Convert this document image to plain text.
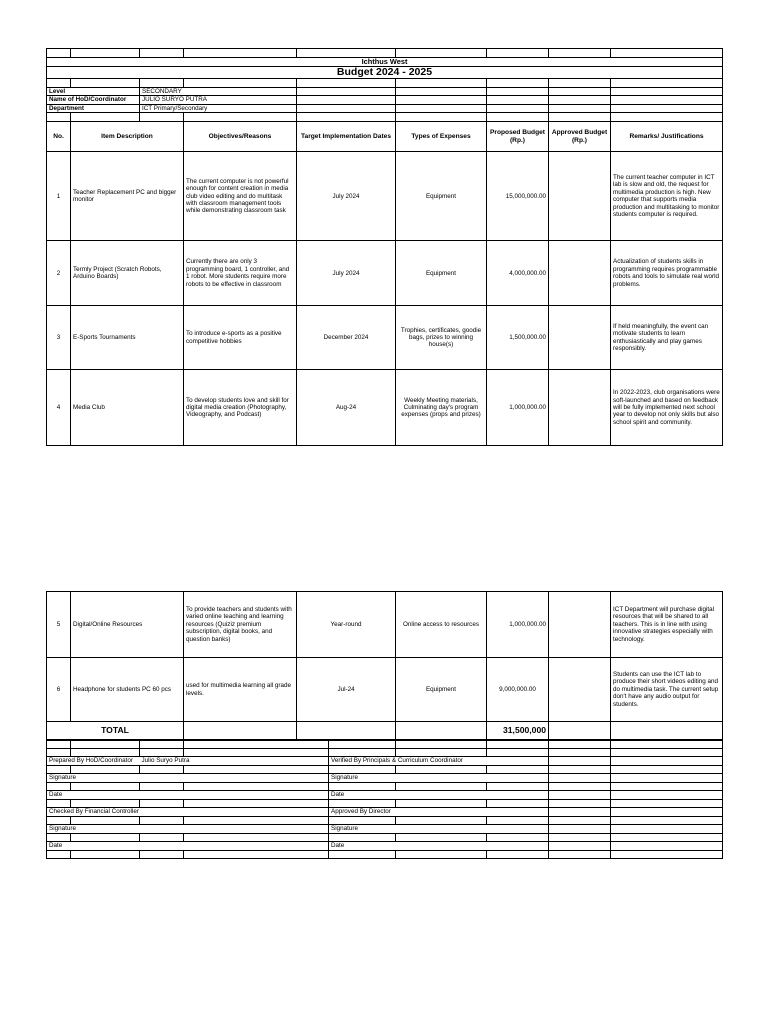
Ichthus West								
Budget 2024 - 2025								

Level		SECONDARY						
Name of HoD/Coordinator		JULIO SURYO PUTRA						
Department		ICT Primary/Secondary						

No.	Item Description		Objectives/Reasons	Target Implementation Dates	Types of Expenses	Proposed Budget (Rp.)	Approved Budget (Rp.)	Remarks/ Justifications
1	Teacher Replacement PC and bigger monitor		The current computer is not powerful enough for content creation in media club video editing and do multitask with classroom management tools while demonstrating classroom task	July 2024	Equipment	15,000,000.00		The current teacher computer in ICT lab is slow and old, the request for multimedia production is high. New computer that supports media production and multitasking to monitor students computer is required.
2	Termly Project (Scratch Robots, Arduino Boards)		Currently there are only 3 programming board, 1 controller, and 1 robot. More students require more robots to be effective in classroom	July 2024	Equipment	4,000,000.00		Actualization of students skills in programming requires programmable robots and tools to simulate real world problems.
3	E-Sports Tournaments		To introduce e-sports as a positive competitive hobbies	December 2024	Trophies, certificates, goodie bags, prizes to winning house(s)	1,500,000.00		If held meaningfully, the event can motivate students to learn enthusiastically and play games responsibly.
4	Media Club		To develop students love and skill for digital media creation (Photography, Videography, and Podcast)	Aug-24	Weekly Meeting materials, Culminating day's program expenses (props and prizes)	1,000,000.00		In 2022-2023, club organisations were soft-launched and based on feedback will be fully implemented next school year to develop not only skills but also school spirit and community.
5	Digital/Online Resources	To provide teachers and students with varied online teaching and learning resources (Quiziz premium subscription, digital books, and question banks)	Year-round	Online access to resources	1,000,000.00		ICT Department will purchase digital resources that will be shared to all teachers. This is in line with using innovative strategies especially with technology.
6	Headphone for students PC 60 pcs	used for multimedia learning all grade levels.	Jul-24	Equipment	9,000,000.00		Students can use the ICT lab to produce their short videos editing and do multimedia task. The current setup don't have any audio output for students.
TOTAL					31,500,000		

Prepared By HoD/Coordinator		Julio Suryo Putra		Verified By Principals & Curriculum Coordinator				

Signature				Signature				

Date				Date				

Checked By Financial Controller				Approved By Director				

Signature				Signature				

Date				Date				
